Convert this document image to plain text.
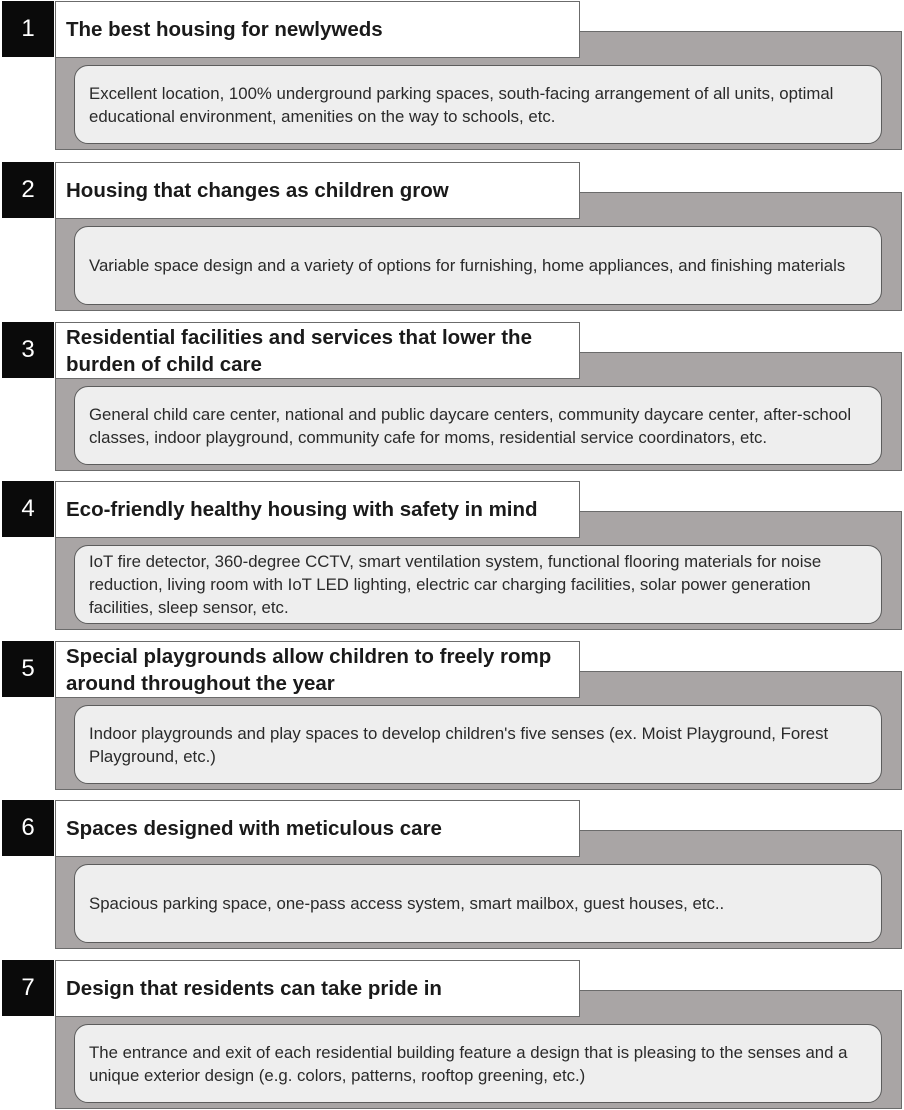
1	The best housing for newlyweds
Excellent location, 100% underground parking spaces, south-facing arrangement of all units, optimal educational environment, amenities on the way to schools, etc.
2	Housing that changes as children grow
Variable space design and a variety of options for furnishing, home appliances, and finishing materials
3	Residential facilities and services that lower the burden of child care
General child care center, national and public daycare centers, community daycare center, after-school classes, indoor playground, community cafe for moms, residential service coordinators, etc.
4	Eco-friendly healthy housing with safety in mind
IoT fire detector, 360-degree CCTV, smart ventilation system, functional flooring materials for noise reduction, living room with IoT LED lighting, electric car charging facilities, solar power generation facilities, sleep sensor, etc.
5	Special playgrounds allow children to freely romp around throughout the year
Indoor playgrounds and play spaces to develop children's five senses (ex. Moist Playground, Forest Playground, etc.)
6	Spaces designed with meticulous care
Spacious parking space, one-pass access system, smart mailbox, guest houses, etc..
7	Design that residents can take pride in
The entrance and exit of each residential building feature a design that is pleasing to the senses and a unique exterior design (e.g. colors, patterns, rooftop greening, etc.)
